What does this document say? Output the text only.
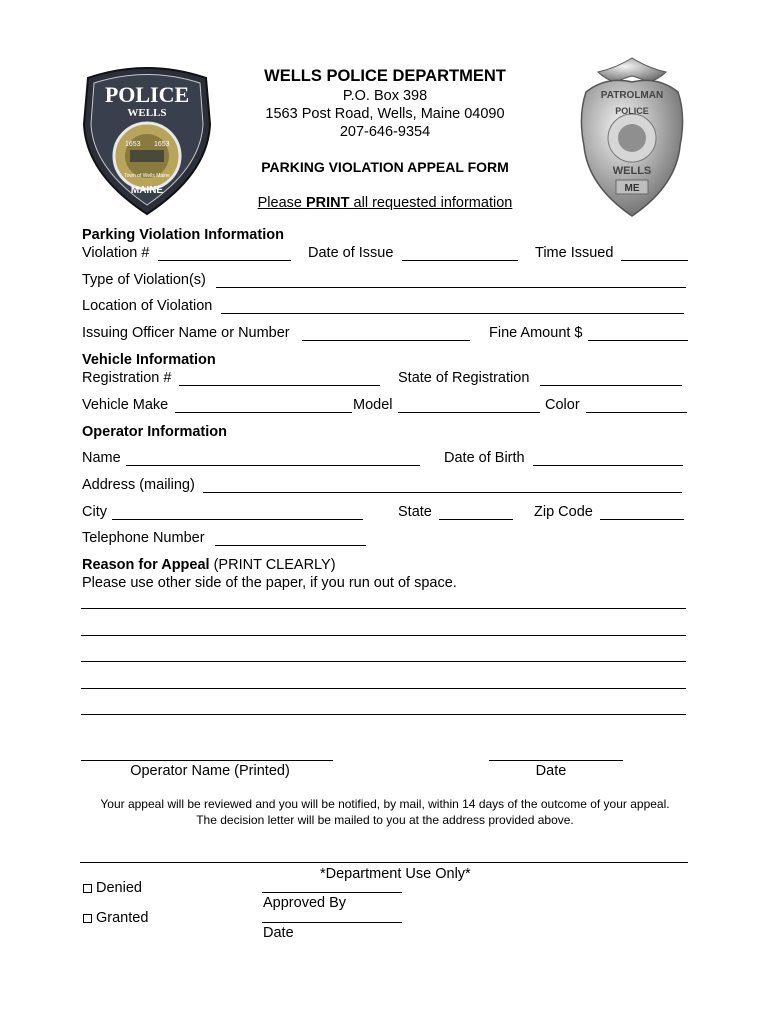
POLICE
WELLS
1653 1653
Town of Wells Maine
MAINE
PATROLMAN
POLICE
WELLS
ME
WELLS POLICE DEPARTMENT
P.O. Box 398
1563 Post Road, Wells, Maine 04090
207-646-9354
PARKING VIOLATION APPEAL FORM
Please PRINT all requested information
Parking Violation Information
Violation #	Date of Issue	Time Issued
Type of Violation(s)
Location of Violation
Issuing Officer Name or Number	Fine Amount $
Vehicle Information
Registration #	State of Registration
Vehicle Make	Model	Color
Operator Information
Name	Date of Birth
Address (mailing)
City	State	Zip Code
Telephone Number
Reason for Appeal (PRINT CLEARLY)
Please use other side of the paper, if you run out of space.
Operator Name (Printed)	Date
Your appeal will be reviewed and you will be notified, by mail, within 14 days of the outcome of your appeal.
The decision letter will be mailed to you at the address provided above.
*Department Use Only*
Denied
Granted
Approved By
Date
